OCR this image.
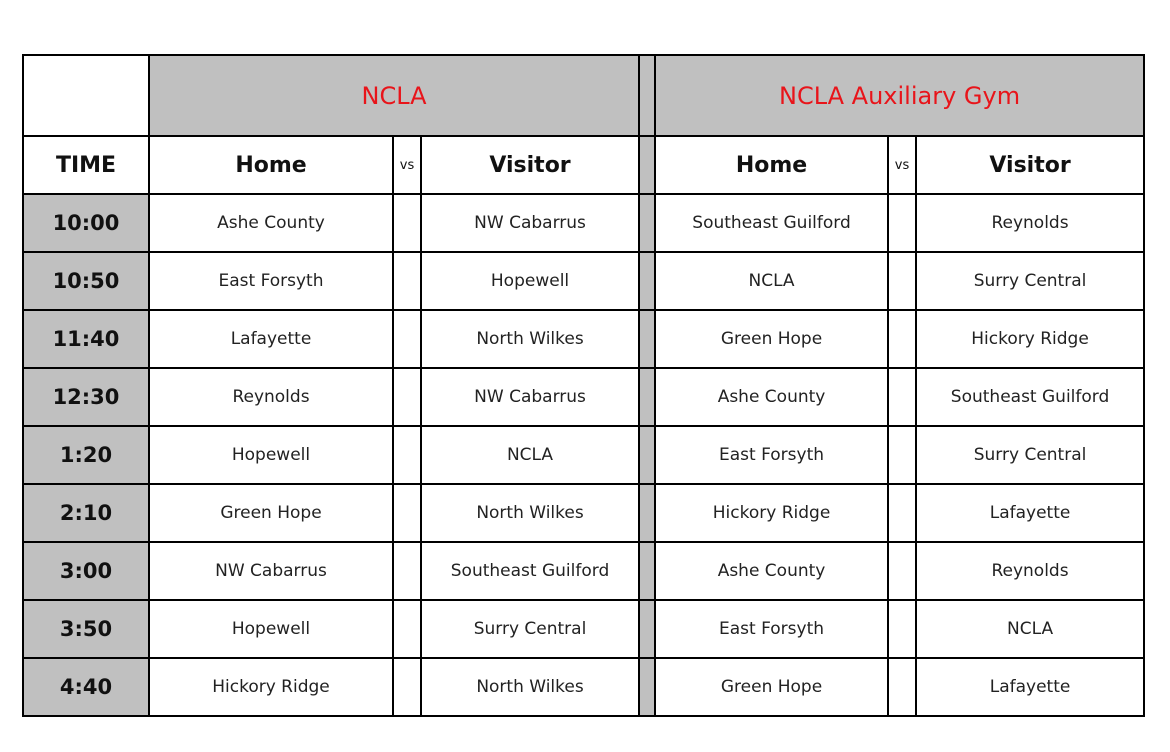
	NCLA				NCLA Auxiliary Gym		
TIME	Home	vs	Visitor		Home	vs	Visitor
10:00	Ashe County		NW Cabarrus		Southeast Guilford		Reynolds
10:50	East Forsyth		Hopewell		NCLA		Surry Central
11:40	Lafayette		North Wilkes		Green Hope		Hickory Ridge
12:30	Reynolds		NW Cabarrus		Ashe County		Southeast Guilford
1:20	Hopewell		NCLA		East Forsyth		Surry Central
2:10	Green Hope		North Wilkes		Hickory Ridge		Lafayette
3:00	NW Cabarrus		Southeast Guilford		Ashe County		Reynolds
3:50	Hopewell		Surry Central		East Forsyth		NCLA
4:40	Hickory Ridge		North Wilkes		Green Hope		Lafayette
